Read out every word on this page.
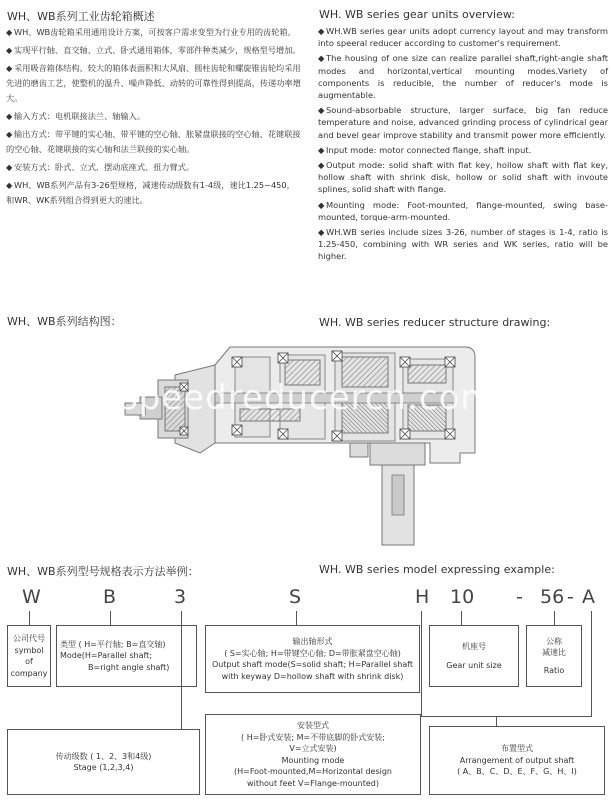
WH、WB系列工业齿轮箱概述
◆ WH、WB齿轮箱采用通用设计方案，可按客户需求变型为行业专用的齿轮箱。
◆ 实现平行轴、直交轴、立式、卧式通用箱体，零部件种类减少，规格型号增加。
◆ 采用吸音箱体结构、较大的箱体表面积和大风扇、圆柱齿轮和螺旋锥齿轮均采用先进的磨齿工艺，使整机的温升、噪声降低、动转的可靠性得到提高，传递功率增大。
◆ 输入方式：电机联接法兰、轴输入。
◆ 输出方式：带平键的实心轴、带平键的空心轴、胀紧盘联接的空心轴、花键联接的空心轴、花键联接的实心轴和法兰联接的实心轴。
◆ 安装方式：卧式、立式、摆动底座式、扭力臂式。
◆ WH、WB系列产品有3-26型规格，减速传动级数有1-4级，速比1.25~450，和WR、WK系列组合得到更大的速比。
WH. WB series gear units overview:
◆ WH.WB series gear units adopt currency layout and may transform into speeral reducer according to customer's requirement.
◆ The housing of one size can realize parallel shaft,right-angle shaft modes and horizontal,vertical mounting modes.Variety of components is reducible, the number of reducer's mode is augmentable.
◆ Sound-absorbable structure, larger surface, big fan reduce temperature and noise, advanced grinding process of cylindrical gear and bevel gear improve stability and transmit power more efficiently.
◆ Input mode: motor connected flange, shaft input.
◆ Output mode: solid shaft with flat key, hollow shaft with flat key, hollow shaft with shrink disk, hollow or solid shaft with invoute splines, solid shaft with flange.
◆ Mounting mode: Foot-mounted, flange-mounted, swing base-mounted, torque-arm-mounted.
◆ WH.WB series include sizes 3-26, number of stages is 1-4, ratio is 1.25-450, combining with WR series and WK series, ratio will be higher.
WH、WB系列结构图：	WH. WB series reducer structure drawing:
speedreducercn.com
WH、WB系列型号规格表示方法举例：	WH. WB series model expressing example:
W	B	3	S	H 10 - 56 - A
公司代号
symbol of
company
类型 ( H=平行轴; B=直交轴)
Mode(H=Parallel shaft;
B=right angle shaft)
输出轴形式
( S=实心轴; H=带键空心轴; D=带胀紧盘空心轴)
Output shaft mode(S=solid shaft; H=Parallel shaft
with keyway D=hollow shaft with shrink disk)
机座号
Gear unit size
公称
减速比
Ratio
传动级数 ( 1、2、3和4级)
Stage (1,2,3,4)
安装型式
( H=卧式安装; M=不带底脚的卧式安装;
V=立式安装)
Mounting mode
(H=Foot-mounted,M=Horizontal design
without feet V=Flange-mounted)
布置型式
Arrangement of output shaft
( A、B、C、D、E、F、G、H、I)
